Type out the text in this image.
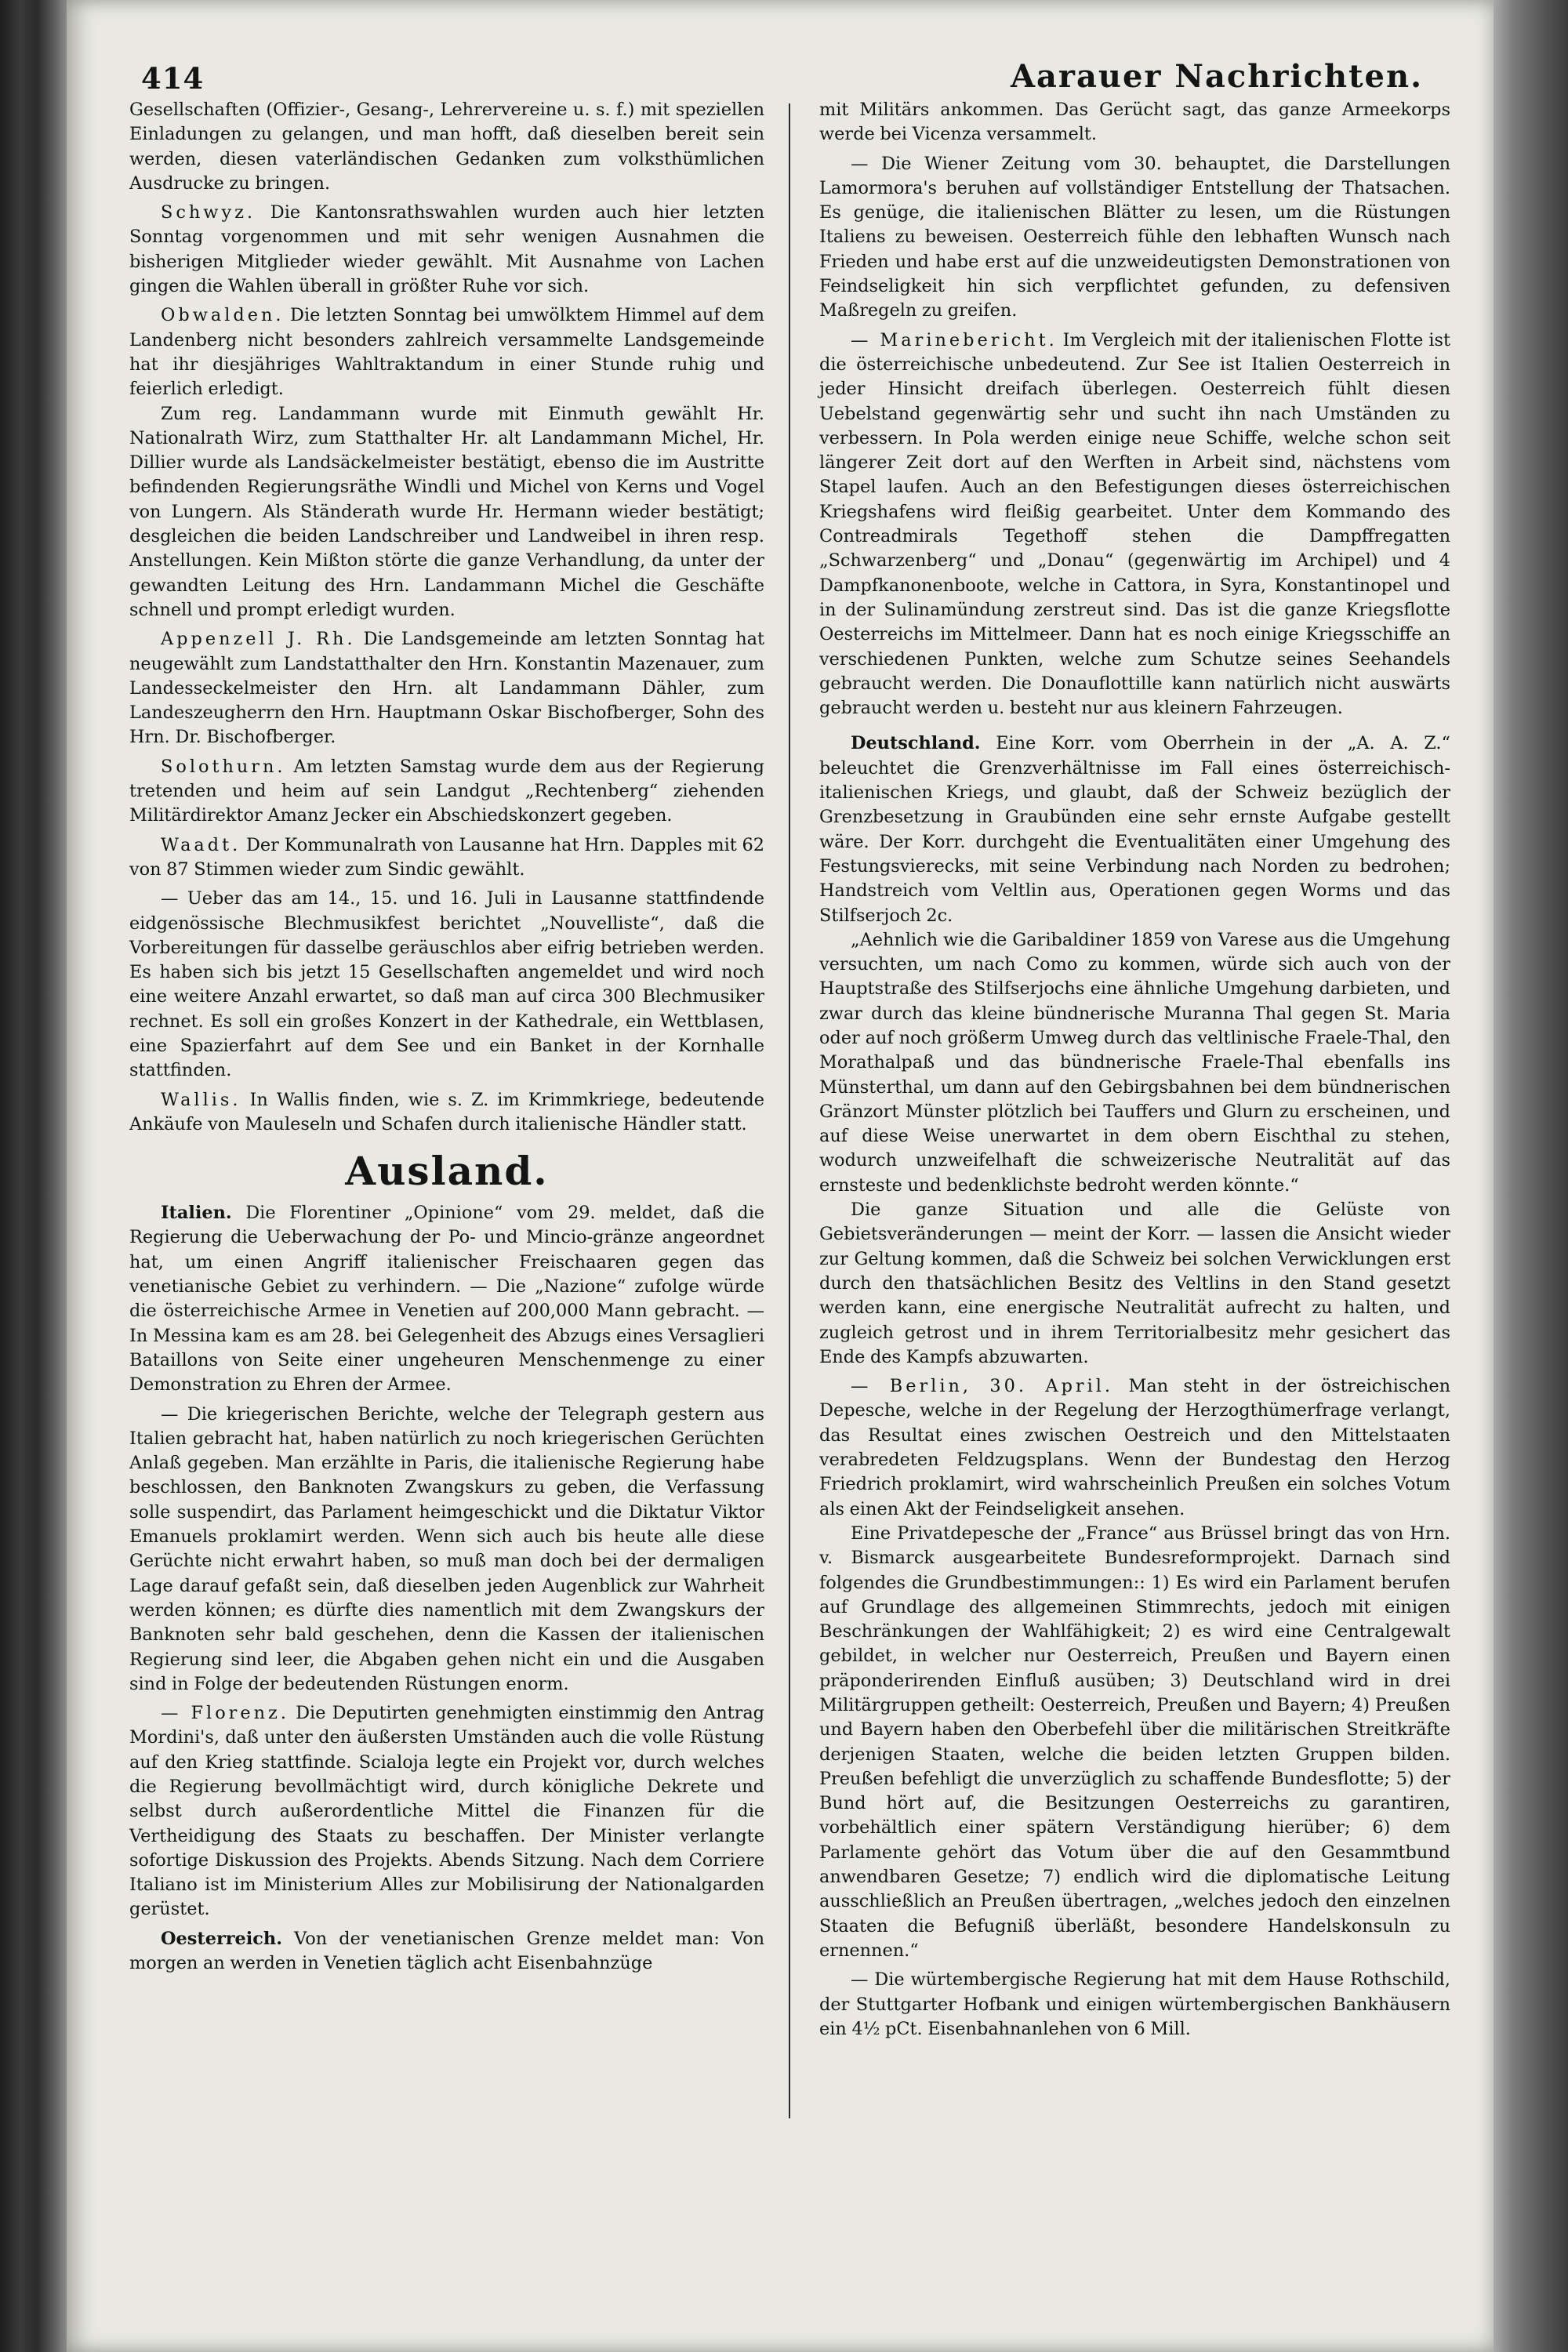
414	Aarauer Nachrichten.

Gesellschaften (Offizier-, Gesang-, Lehrervereine u. s. f.) mit speziellen Einladungen zu gelangen, und man hofft, daß dieselben bereit sein werden, diesen vaterländischen Gedanken zum volksthümlichen Ausdrucke zu bringen.

Schwyz. Die Kantonsrathswahlen wurden auch hier letzten Sonntag vorgenommen und mit sehr wenigen Ausnahmen die bisherigen Mitglieder wieder gewählt. Mit Ausnahme von Lachen gingen die Wahlen überall in größter Ruhe vor sich.

Obwalden. Die letzten Sonntag bei umwölktem Himmel auf dem Landenberg nicht besonders zahlreich versammelte Landsgemeinde hat ihr diesjähriges Wahltraktandum in einer Stunde ruhig und feierlich erledigt.

Zum reg. Landammann wurde mit Einmuth gewählt Hr. Nationalrath Wirz, zum Statthalter Hr. alt Landammann Michel, Hr. Dillier wurde als Landsäckelmeister bestätigt, ebenso die im Austritte befindenden Regierungsräthe Windli und Michel von Kerns und Vogel von Lungern. Als Ständerath wurde Hr. Hermann wieder bestätigt; desgleichen die beiden Landschreiber und Landweibel in ihren resp. Anstellungen. Kein Mißton störte die ganze Verhandlung, da unter der gewandten Leitung des Hrn. Landammann Michel die Geschäfte schnell und prompt erledigt wurden.

Appenzell J. Rh. Die Landsgemeinde am letzten Sonntag hat neugewählt zum Landstatthalter den Hrn. Konstantin Mazenauer, zum Landesseckelmeister den Hrn. alt Landammann Dähler, zum Landeszeugherrn den Hrn. Hauptmann Oskar Bischofberger, Sohn des Hrn. Dr. Bischofberger.

Solothurn. Am letzten Samstag wurde dem aus der Regierung tretenden und heim auf sein Landgut „Rechtenberg“ ziehenden Militärdirektor Amanz Jecker ein Abschiedskonzert gegeben.

Waadt. Der Kommunalrath von Lausanne hat Hrn. Dapples mit 62 von 87 Stimmen wieder zum Sindic gewählt.

— Ueber das am 14., 15. und 16. Juli in Lausanne stattfindende eidgenössische Blechmusikfest berichtet „Nouvelliste“, daß die Vorbereitungen für dasselbe geräuschlos aber eifrig betrieben werden. Es haben sich bis jetzt 15 Gesellschaften angemeldet und wird noch eine weitere Anzahl erwartet, so daß man auf circa 300 Blechmusiker rechnet. Es soll ein großes Konzert in der Kathedrale, ein Wettblasen, eine Spazierfahrt auf dem See und ein Banket in der Kornhalle stattfinden.

Wallis. In Wallis finden, wie s. Z. im Krimmkriege, bedeutende Ankäufe von Mauleseln und Schafen durch italienische Händler statt.

Ausland.

Italien. Die Florentiner „Opinione“ vom 29. meldet, daß die Regierung die Ueberwachung der Po- und Mincio-gränze angeordnet hat, um einen Angriff italienischer Freischaaren gegen das venetianische Gebiet zu verhindern. — Die „Nazione“ zufolge würde die österreichische Armee in Venetien auf 200,000 Mann gebracht. — In Messina kam es am 28. bei Gelegenheit des Abzugs eines Versaglieri Bataillons von Seite einer ungeheuren Menschenmenge zu einer Demonstration zu Ehren der Armee.

— Die kriegerischen Berichte, welche der Telegraph gestern aus Italien gebracht hat, haben natürlich zu noch kriegerischen Gerüchten Anlaß gegeben. Man erzählte in Paris, die italienische Regierung habe beschlossen, den Banknoten Zwangskurs zu geben, die Verfassung solle suspendirt, das Parlament heimgeschickt und die Diktatur Viktor Emanuels proklamirt werden. Wenn sich auch bis heute alle diese Gerüchte nicht erwahrt haben, so muß man doch bei der dermaligen Lage darauf gefaßt sein, daß dieselben jeden Augenblick zur Wahrheit werden können; es dürfte dies namentlich mit dem Zwangskurs der Banknoten sehr bald geschehen, denn die Kassen der italienischen Regierung sind leer, die Abgaben gehen nicht ein und die Ausgaben sind in Folge der bedeutenden Rüstungen enorm.

— Florenz. Die Deputirten genehmigten einstimmig den Antrag Mordini's, daß unter den äußersten Umständen auch die volle Rüstung auf den Krieg stattfinde. Scialoja legte ein Projekt vor, durch welches die Regierung bevollmächtigt wird, durch königliche Dekrete und selbst durch außerordentliche Mittel die Finanzen für die Vertheidigung des Staats zu beschaffen. Der Minister verlangte sofortige Diskussion des Projekts. Abends Sitzung. Nach dem Corriere Italiano ist im Ministerium Alles zur Mobilisirung der Nationalgarden gerüstet.

Oesterreich. Von der venetianischen Grenze meldet man: Von morgen an werden in Venetien täglich acht Eisenbahnzüge

mit Militärs ankommen. Das Gerücht sagt, das ganze Armeekorps werde bei Vicenza versammelt.

— Die Wiener Zeitung vom 30. behauptet, die Darstellungen Lamormora's beruhen auf vollständiger Entstellung der Thatsachen. Es genüge, die italienischen Blätter zu lesen, um die Rüstungen Italiens zu beweisen. Oesterreich fühle den lebhaften Wunsch nach Frieden und habe erst auf die unzweideutigsten Demonstrationen von Feindseligkeit hin sich verpflichtet gefunden, zu defensiven Maßregeln zu greifen.

— Marinebericht. Im Vergleich mit der italienischen Flotte ist die österreichische unbedeutend. Zur See ist Italien Oesterreich in jeder Hinsicht dreifach überlegen. Oesterreich fühlt diesen Uebelstand gegenwärtig sehr und sucht ihn nach Umständen zu verbessern. In Pola werden einige neue Schiffe, welche schon seit längerer Zeit dort auf den Werften in Arbeit sind, nächstens vom Stapel laufen. Auch an den Befestigungen dieses österreichischen Kriegshafens wird fleißig gearbeitet. Unter dem Kommando des Contreadmirals Tegethoff stehen die Dampffregatten „Schwarzenberg“ und „Donau“ (gegenwärtig im Archipel) und 4 Dampfkanonenboote, welche in Cattora, in Syra, Konstantinopel und in der Sulinamündung zerstreut sind. Das ist die ganze Kriegsflotte Oesterreichs im Mittelmeer. Dann hat es noch einige Kriegsschiffe an verschiedenen Punkten, welche zum Schutze seines Seehandels gebraucht werden. Die Donauflottille kann natürlich nicht auswärts gebraucht werden u. besteht nur aus kleinern Fahrzeugen.

Deutschland. Eine Korr. vom Oberrhein in der „A. A. Z.“ beleuchtet die Grenzverhältnisse im Fall eines österreichisch-italienischen Kriegs, und glaubt, daß der Schweiz bezüglich der Grenzbesetzung in Graubünden eine sehr ernste Aufgabe gestellt wäre. Der Korr. durchgeht die Eventualitäten einer Umgehung des Festungsvierecks, mit seine Verbindung nach Norden zu bedrohen; Handstreich vom Veltlin aus, Operationen gegen Worms und das Stilfserjoch 2c.

„Aehnlich wie die Garibaldiner 1859 von Varese aus die Umgehung versuchten, um nach Como zu kommen, würde sich auch von der Hauptstraße des Stilfserjochs eine ähnliche Umgehung darbieten, und zwar durch das kleine bündnerische Muranna Thal gegen St. Maria oder auf noch größerm Umweg durch das veltlinische Fraele-Thal, den Morathalpaß und das bündnerische Fraele-Thal ebenfalls ins Münsterthal, um dann auf den Gebirgsbahnen bei dem bündnerischen Gränzort Münster plötzlich bei Tauffers und Glurn zu erscheinen, und auf diese Weise unerwartet in dem obern Eischthal zu stehen, wodurch unzweifelhaft die schweizerische Neutralität auf das ernsteste und bedenklichste bedroht werden könnte.“

Die ganze Situation und alle die Gelüste von Gebietsveränderungen — meint der Korr. — lassen die Ansicht wieder zur Geltung kommen, daß die Schweiz bei solchen Verwicklungen erst durch den thatsächlichen Besitz des Veltlins in den Stand gesetzt werden kann, eine energische Neutralität aufrecht zu halten, und zugleich getrost und in ihrem Territorialbesitz mehr gesichert das Ende des Kampfs abzuwarten.

— Berlin, 30. April. Man steht in der östreichischen Depesche, welche in der Regelung der Herzogthümerfrage verlangt, das Resultat eines zwischen Oestreich und den Mittelstaaten verabredeten Feldzugsplans. Wenn der Bundestag den Herzog Friedrich proklamirt, wird wahrscheinlich Preußen ein solches Votum als einen Akt der Feindseligkeit ansehen.

Eine Privatdepesche der „France“ aus Brüssel bringt das von Hrn. v. Bismarck ausgearbeitete Bundesreformprojekt. Darnach sind folgendes die Grundbestimmungen:: 1) Es wird ein Parlament berufen auf Grundlage des allgemeinen Stimmrechts, jedoch mit einigen Beschränkungen der Wahlfähigkeit; 2) es wird eine Centralgewalt gebildet, in welcher nur Oesterreich, Preußen und Bayern einen präponderirenden Einfluß ausüben; 3) Deutschland wird in drei Militärgruppen getheilt: Oesterreich, Preußen und Bayern; 4) Preußen und Bayern haben den Oberbefehl über die militärischen Streitkräfte derjenigen Staaten, welche die beiden letzten Gruppen bilden. Preußen befehligt die unverzüglich zu schaffende Bundesflotte; 5) der Bund hört auf, die Besitzungen Oesterreichs zu garantiren, vorbehältlich einer spätern Verständigung hierüber; 6) dem Parlamente gehört das Votum über die auf den Gesammtbund anwendbaren Gesetze; 7) endlich wird die diplomatische Leitung ausschließlich an Preußen übertragen, „welches jedoch den einzelnen Staaten die Befugniß überläßt, besondere Handelskonsuln zu ernennen.“

— Die würtembergische Regierung hat mit dem Hause Rothschild, der Stuttgarter Hofbank und einigen würtembergischen Bankhäusern ein 4½ pCt. Eisenbahnanlehen von 6 Mill.
